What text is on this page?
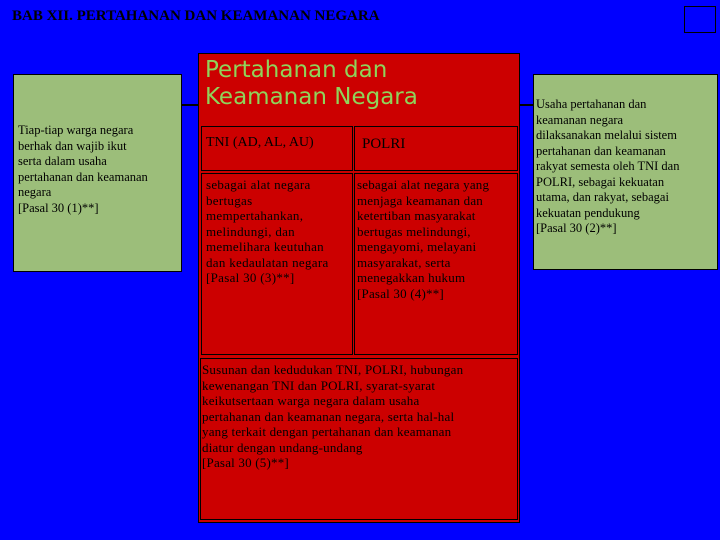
BAB XII. PERTAHANAN DAN KEAMANAN NEGARA
Tiap-tiap warga negara
berhak dan wajib ikut
serta dalam usaha
pertahanan dan keamanan
negara
[Pasal 30 (1)**]
Usaha pertahanan dan
keamanan negara
dilaksanakan melalui sistem
pertahanan dan keamanan
rakyat semesta oleh TNI dan
POLRI, sebagai kekuatan
utama, dan rakyat, sebagai
kekuatan pendukung
[Pasal 30 (2)**]
Pertahanan dan
Keamanan Negara
TNI (AD, AL, AU)	POLRI
sebagai alat negara
bertugas
mempertahankan,
melindungi, dan
memelihara keutuhan
dan kedaulatan negara
[Pasal 30 (3)**]
sebagai alat negara yang
menjaga keamanan dan
ketertiban masyarakat
bertugas melindungi,
mengayomi, melayani
masyarakat, serta
menegakkan hukum
[Pasal 30 (4)**]
Susunan dan kedudukan TNI, POLRI, hubungan
kewenangan TNI dan POLRI, syarat-syarat
keikutsertaan warga negara dalam usaha
pertahanan dan keamanan negara, serta hal-hal
yang terkait dengan pertahanan dan keamanan
diatur dengan undang-undang
[Pasal 30 (5)**]
